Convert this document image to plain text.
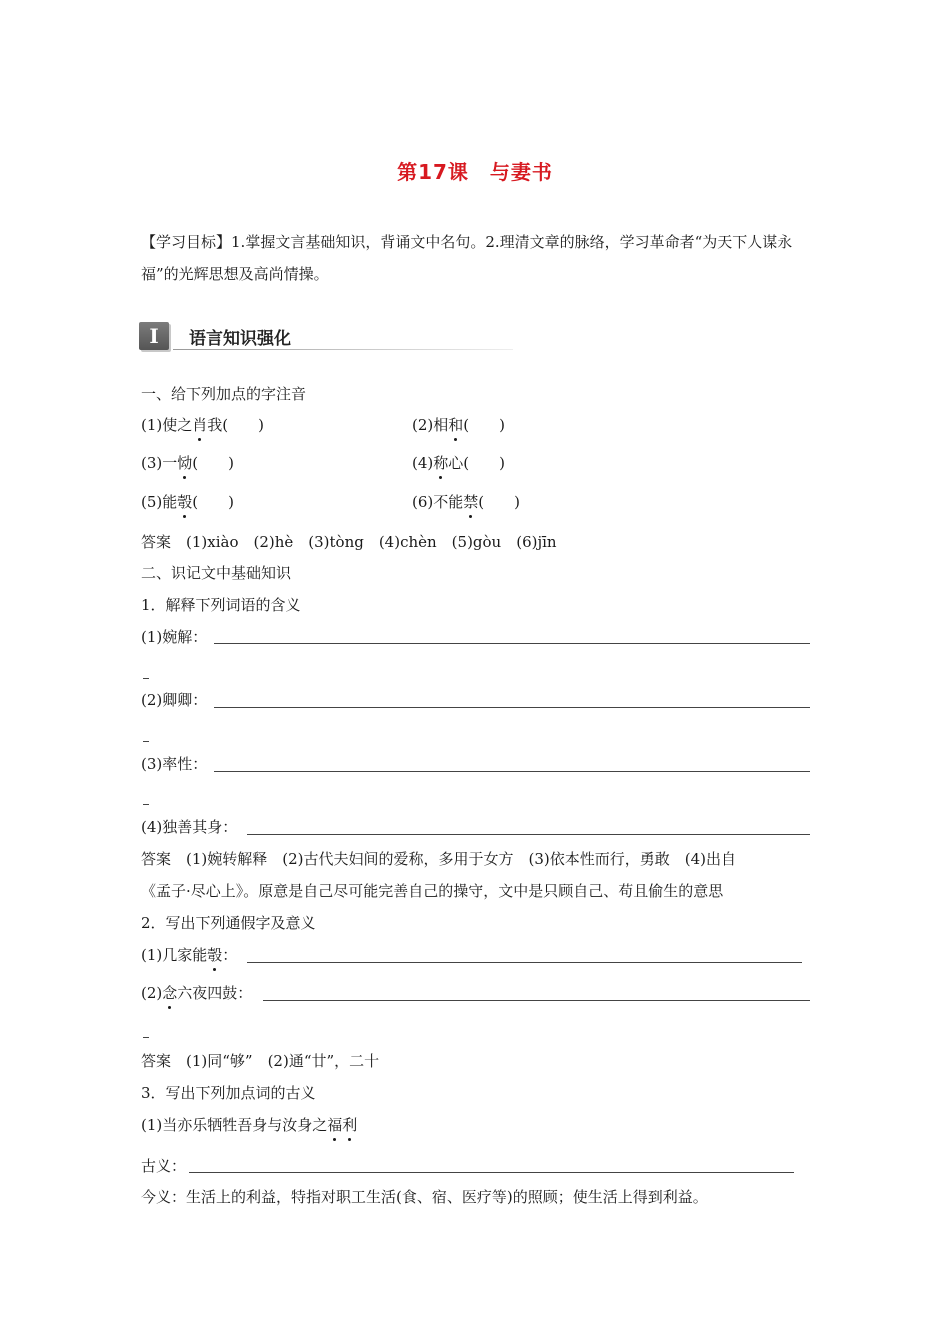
第17课　与妻书
【学习目标】1.掌握文言基础知识，背诵文中名句。2.理清文章的脉络，学习革命者“为天下人谋永福”的光辉思想及高尚情操。
I	语言知识强化
一、给下列加点的字注音
(1)使之肖我(　　)	(2)相和(　　)
(3)一恸(　　)	(4)称心(　　)
(5)能彀(　　)	(6)不能禁(　　)
答案　(1)xiào　(2)hè　(3)tòng　(4)chèn　(5)gòu　(6)jīn
二、识记文中基础知识
1．解释下列词语的含义
(1)婉解：
(2)卿卿：
(3)率性：
(4)独善其身：
答案　(1)婉转解释　(2)古代夫妇间的爱称，多用于女方　(3)依本性而行，勇敢　(4)出自
《孟子·尽心上》。原意是自己尽可能完善自己的操守，文中是只顾自己、苟且偷生的意思
2．写出下列通假字及意义
(1)几家能彀：
(2)念六夜四鼓：
答案　(1)同“够”　(2)通“廿”，二十
3．写出下列加点词的古义
(1)当亦乐牺牲吾身与汝身之福利
古义：
今义：生活上的利益，特指对职工生活(食、宿、医疗等)的照顾；使生活上得到利益。
